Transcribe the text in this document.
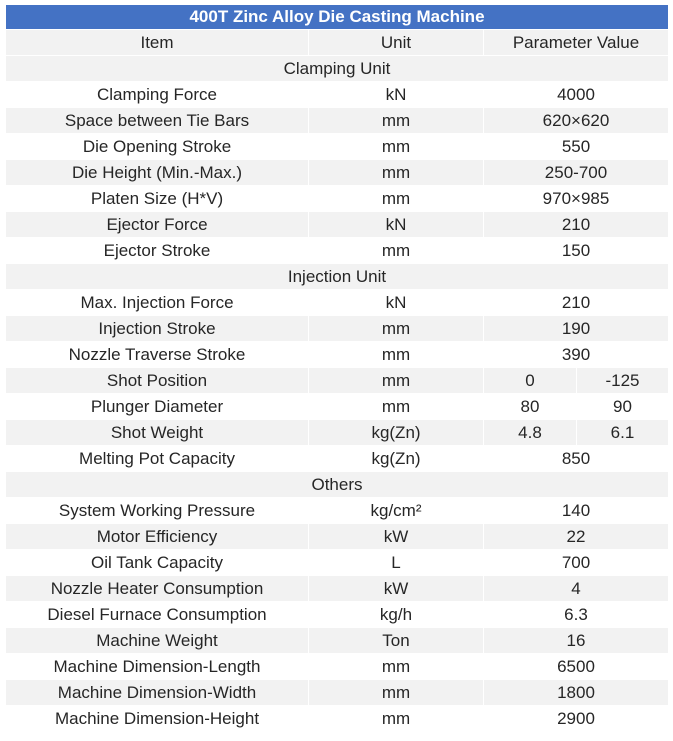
400T Zinc Alloy Die Casting Machine			
Item	Unit	Parameter Value	
Clamping Unit			
Clamping Force	kN	4000	
Space between Tie Bars	mm	620×620	
Die Opening Stroke	mm	550	
Die Height (Min.-Max.)	mm	250-700	
Platen Size (H*V)	mm	970×985	
Ejector Force	kN	210	
Ejector Stroke	mm	150	
Injection Unit			
Max. Injection Force	kN	210	
Injection Stroke	mm	190	
Nozzle Traverse Stroke	mm	390	
Shot Position	mm	0	-125
Plunger Diameter	mm	80	90
Shot Weight	kg(Zn)	4.8	6.1
Melting Pot Capacity	kg(Zn)	850	
Others			
System Working Pressure	kg/cm²	140	
Motor Efficiency	kW	22	
Oil Tank Capacity	L	700	
Nozzle Heater Consumption	kW	4	
Diesel Furnace Consumption	kg/h	6.3	
Machine Weight	Ton	16	
Machine Dimension-Length	mm	6500	
Machine Dimension-Width	mm	1800	
Machine Dimension-Height	mm	2900	
